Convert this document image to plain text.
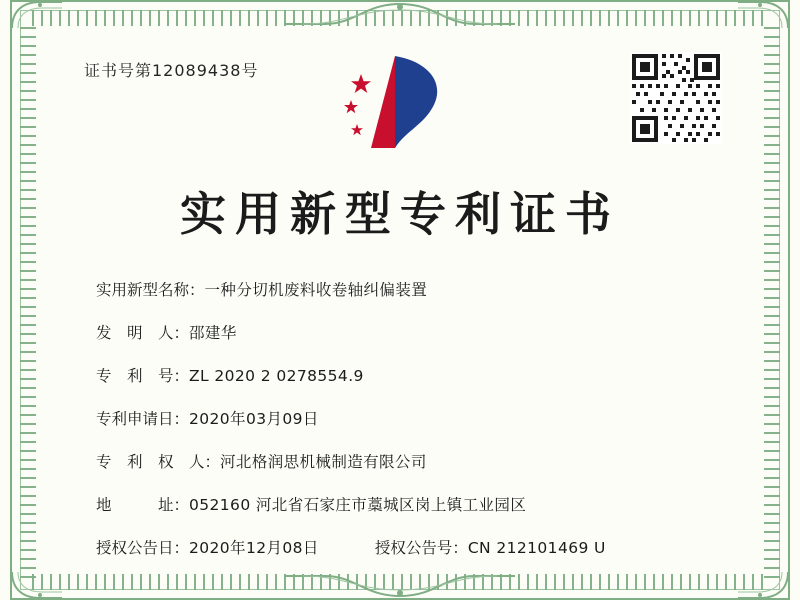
证书号第12089438号
实用新型专利证书
实用新型名称： 一种分切机废料收卷轴纠偏装置
发　明　人： 邵建华
专　利　号： ZL 2020 2 0278554.9
专利申请日： 2020年03月09日
专　利　权　人： 河北格润思机械制造有限公司
地　　　址： 052160 河北省石家庄市藁城区岗上镇工业园区
授权公告日： 2020年12月08日	授权公告号： CN 212101469 U
